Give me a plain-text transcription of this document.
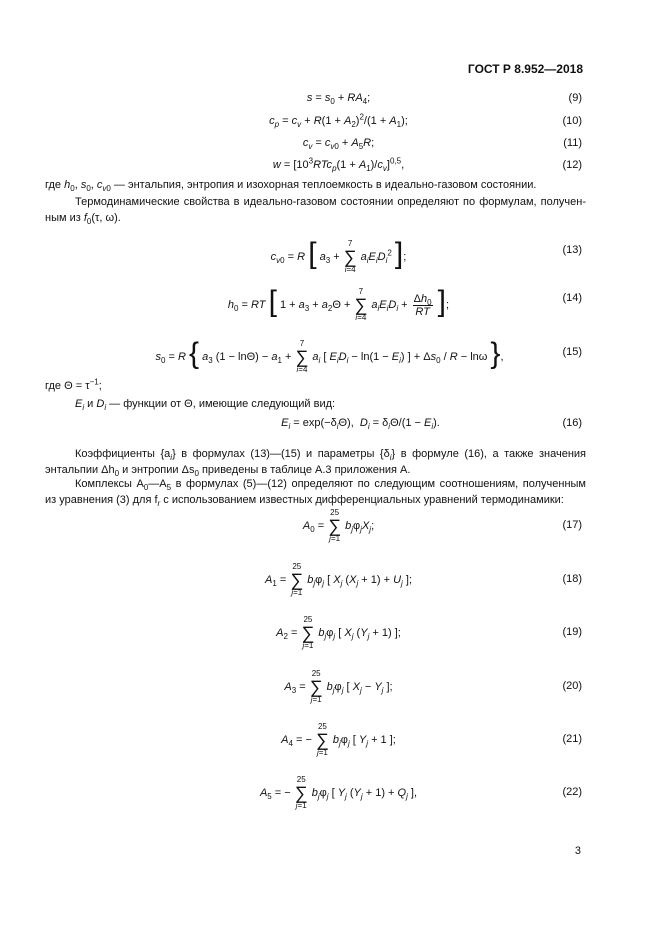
ГОСТ Р 8.952—2018
$s = s_0 + RA_4$;	(9)
$c_p = c_v + R(1 + A_2)^2/(1 + A_1)$;	(10)
$c_v = c_{v0} + A_5R$;	(11)
$w = [10^3RTc_p(1 + A_1)/c_v]^{0,5}$,	(12)
где $h_0$, $s_0$, $c_{v0}$ — энтальпия, энтропия и изохорная теплоемкость в идеально-газовом состоянии.
Термодинамические свойства в идеально-газовом состоянии определяют по формулам, получен-ным из $f_0(\tau$, ω).
$c_{v0} = R$ [ $a_3$ +
7
∑
i=4
$a_iE_iD_i^2$ ];
(13)
$h_0$ = RT [ $1 + a_3 + a_2\Theta$ +
7
∑
i=4
$a_iE_iD_i + \frac{\Delta h_0}{RT}$ ];
(14)
$s_0 = R$ { $a_3$ $(1 - \ln\Theta) - a_1$ +
7
∑
i=4
$a_i$ [ $E_iD_i - \ln(1 - E_i)$ ] + $\Delta s_0 / R - \ln\omega$ },	(15)
где $\Theta = \tau^{-1}$;
$E_i$ и $D_i$ — функции от Θ, имеющие следующий вид:
$E_i = \exp(-\delta_i\Theta)$,  $D_i = \delta_i\Theta/(1 - E_i)$.	(16)
Коэффициенты $\{a_i\}$ в формулах (13)—(15) и параметры $\{\delta_i\}$ в формуле (16), а также значения энтальпии $\Delta h_0$ и энтропии $\Delta s_0$ приведены в таблице А.3 приложения А.
Комплексы $A_0—A_5$ в формулах (5)—(12) определяют по следующим соотношениям, полученным из уравнения (3) для $f_r$ с использованием известных дифференциальных уравнений термодинамики:
$A_0$ =
25
∑
j=1
$b_j\varphi_jX_j$;	(17)
$A_1$ =
25
∑
j=1
$b_j\varphi_j$ [ $X_j$ $(X_j + 1) + U_j$ ];	(18)
$A_2$ =
25
∑
j=1
$b_j\varphi_j$ [ $X_j$ $(Y_j + 1)$ ];	(19)
$A_3$ =
25
∑
j=1
$b_j\varphi_j$ [ $X_j - Y_j$ ];	(20)
$A_4$ = −
25
∑
j=1
$b_j\varphi_j$ [ $Y_j + 1$ ];	(21)
$A_5$ = −
25
∑
j=1
$b_j\varphi_j$ [ $Y_j$ $(Y_j + 1) + Q_j$ ],	(22)
3
